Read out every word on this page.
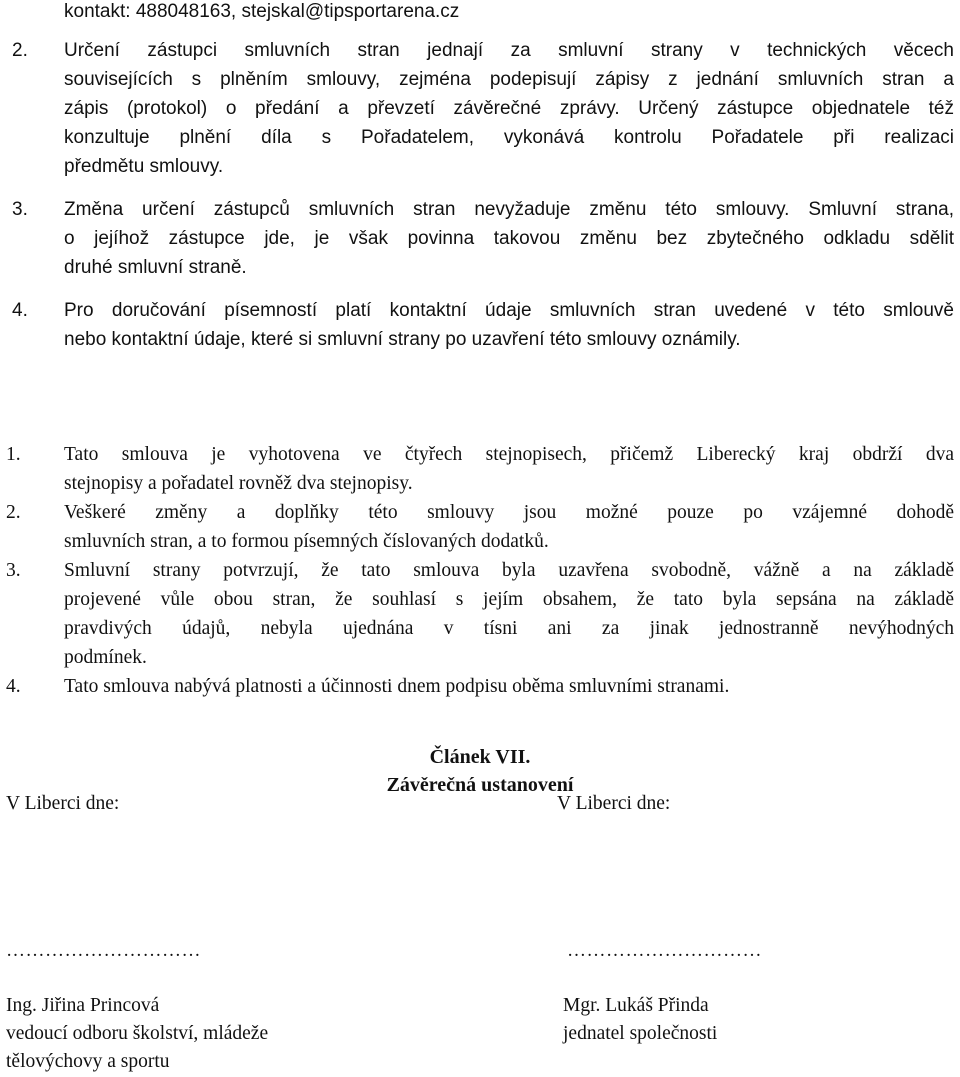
kontakt: 488048163, stejskal@tipsportarena.cz
2. Určení zástupci smluvních stran jednají za smluvní strany v technických věcech
souvisejících s plněním smlouvy, zejména podepisují zápisy z jednání smluvních stran a
zápis (protokol) o předání a převzetí závěrečné zprávy. Určený zástupce objednatele též
konzultuje plnění díla s Pořadatelem, vykonává kontrolu Pořadatele při realizaci
předmětu smlouvy.
3. Změna určení zástupců smluvních stran nevyžaduje změnu této smlouvy. Smluvní strana,
o jejíhož zástupce jde, je však povinna takovou změnu bez zbytečného odkladu sdělit
druhé smluvní straně.
4. Pro doručování písemností platí kontaktní údaje smluvních stran uvedené v této smlouvě
nebo kontaktní údaje, které si smluvní strany po uzavření této smlouvy oznámily.
Článek VII.
Závěrečná ustanovení
1. Tato smlouva je vyhotovena ve čtyřech stejnopisech, přičemž Liberecký kraj obdrží dva
stejnopisy a pořadatel rovněž dva stejnopisy.
2. Veškeré změny a doplňky této smlouvy jsou možné pouze po vzájemné dohodě
smluvních stran, a to formou písemných číslovaných dodatků.
3. Smluvní strany potvrzují, že tato smlouva byla uzavřena svobodně, vážně a na základě
projevené vůle obou stran, že souhlasí s jejím obsahem, že tato byla sepsána na základě
pravdivých údajů, nebyla ujednána v tísni ani za jinak jednostranně nevýhodných
podmínek.
4. Tato smlouva nabývá platnosti a účinnosti dnem podpisu oběma smluvními stranami.
V Liberci dne:	V Liberci dne:
…………………………	…………………………
Ing. Jiřina Princová
vedoucí odboru školství, mládeže
tělovýchovy a sportu
Mgr. Lukáš Přinda
jednatel společnosti
